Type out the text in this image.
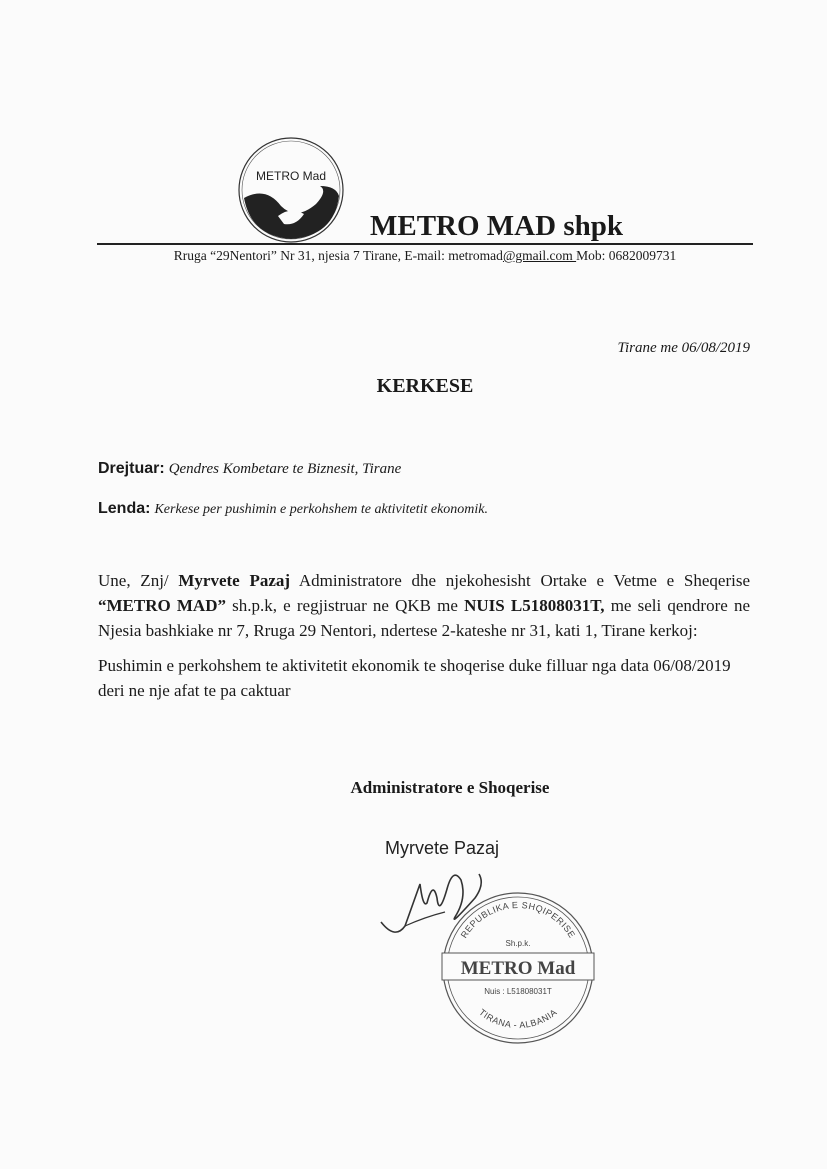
METRO Mad
METRO MAD shpk
Rruga “29Nentori” Nr 31, njesia 7 Tirane, E-mail: metromad@gmail.com Mob: 0682009731
Tirane me 06/08/2019
KERKESE
Drejtuar: Qendres Kombetare te Biznesit, Tirane
Lenda: Kerkese per pushimin e perkohshem te aktivitetit ekonomik.

Une, Znj/ Myrvete Pazaj Administratore dhe njekohesisht Ortake e Vetme e Sheqerise “METRO MAD” sh.p.k, e regjistruar ne QKB me NUIS L51808031T, me seli qendrore ne Njesia bashkiake nr 7, Rruga 29 Nentori, ndertese 2-kateshe nr 31, kati 1, Tirane kerkoj:

Pushimin e perkohshem te aktivitetit ekonomik te shoqerise duke filluar nga data 06/08/2019 deri ne nje afat te pa caktuar

Administratore e Shoqerise
Myrvete Pazaj
REPUBLIKA E SHQIPERISE
TIRANA - ALBANIA
Sh.p.k.
METRO Mad
Nuis : L51808031T
